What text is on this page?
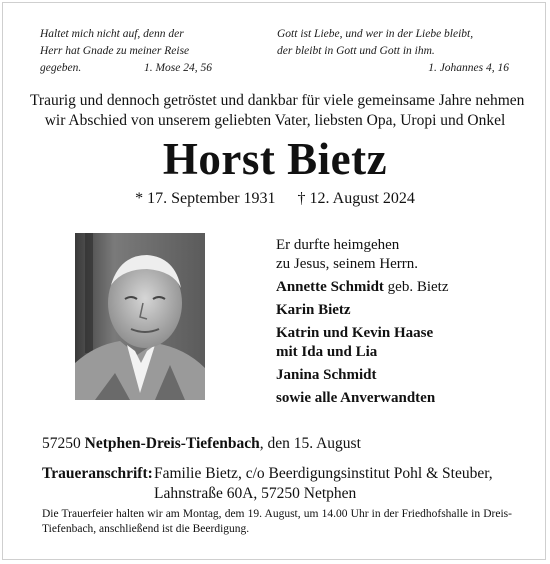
Haltet mich nicht auf, denn der
Herr hat Gnade zu meiner Reise
gegeben.	1. Mose 24, 56
Gott ist Liebe, und wer in der Liebe bleibt,
der bleibt in Gott und Gott in ihm.
1. Johannes 4, 16
Traurig und dennoch getröstet und dankbar für viele gemeinsame Jahre nehmen
wir Abschied von unserem geliebten Vater, liebsten Opa, Uropi und Onkel
Horst Bietz
* 17. September 1931 † 12. August 2024
Er durfte heimgehen
zu Jesus, seinem Herrn.
Annette Schmidt geb. Bietz
Karin Bietz
Katrin und Kevin Haase
mit Ida und Lia
Janina Schmidt
sowie alle Anverwandten
57250 Netphen-Dreis-Tiefenbach, den 15. August
Traueranschrift: Familie Bietz, c/o Beerdigungsinstitut Pohl & Steuber,
Lahnstraße 60A, 57250 Netphen
Die Trauerfeier halten wir am Montag, dem 19. August, um 14.00 Uhr in der Friedhofshalle in Dreis-Tiefenbach, anschließend ist die Beerdigung.
